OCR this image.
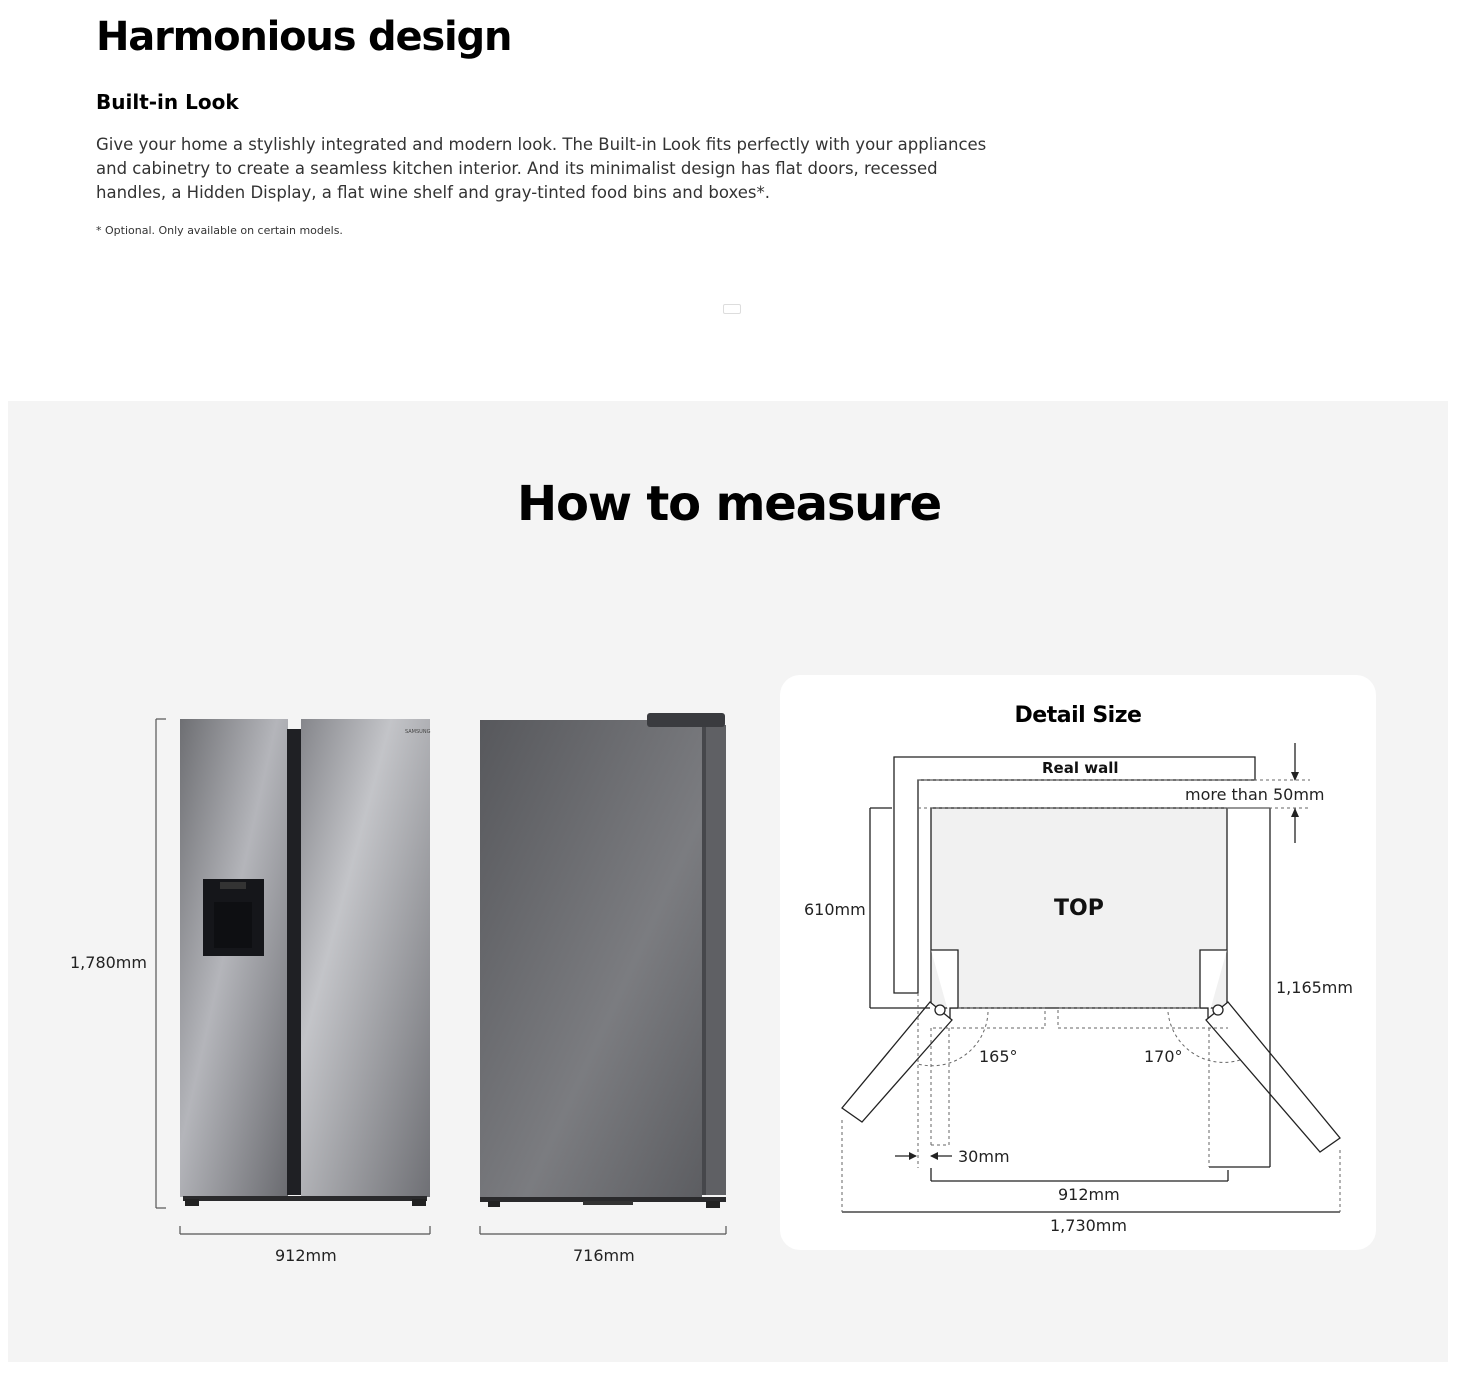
Harmonious design
Built-in Look

Give your home a stylishly integrated and modern look. The Built-in Look fits perfectly with your appliances and cabinetry to create a seamless kitchen interior. And its minimalist design has flat doors, recessed handles, a Hidden Display, a flat wine shelf and gray-tinted food bins and boxes*.

* Optional. Only available on certain models.

How to measure
SAMSUNG
1,780mm
912mm	716mm
Detail Size
Real wall
more than 50mm
TOP
610mm
1,165mm
165°	170°
30mm
912mm
1,730mm
